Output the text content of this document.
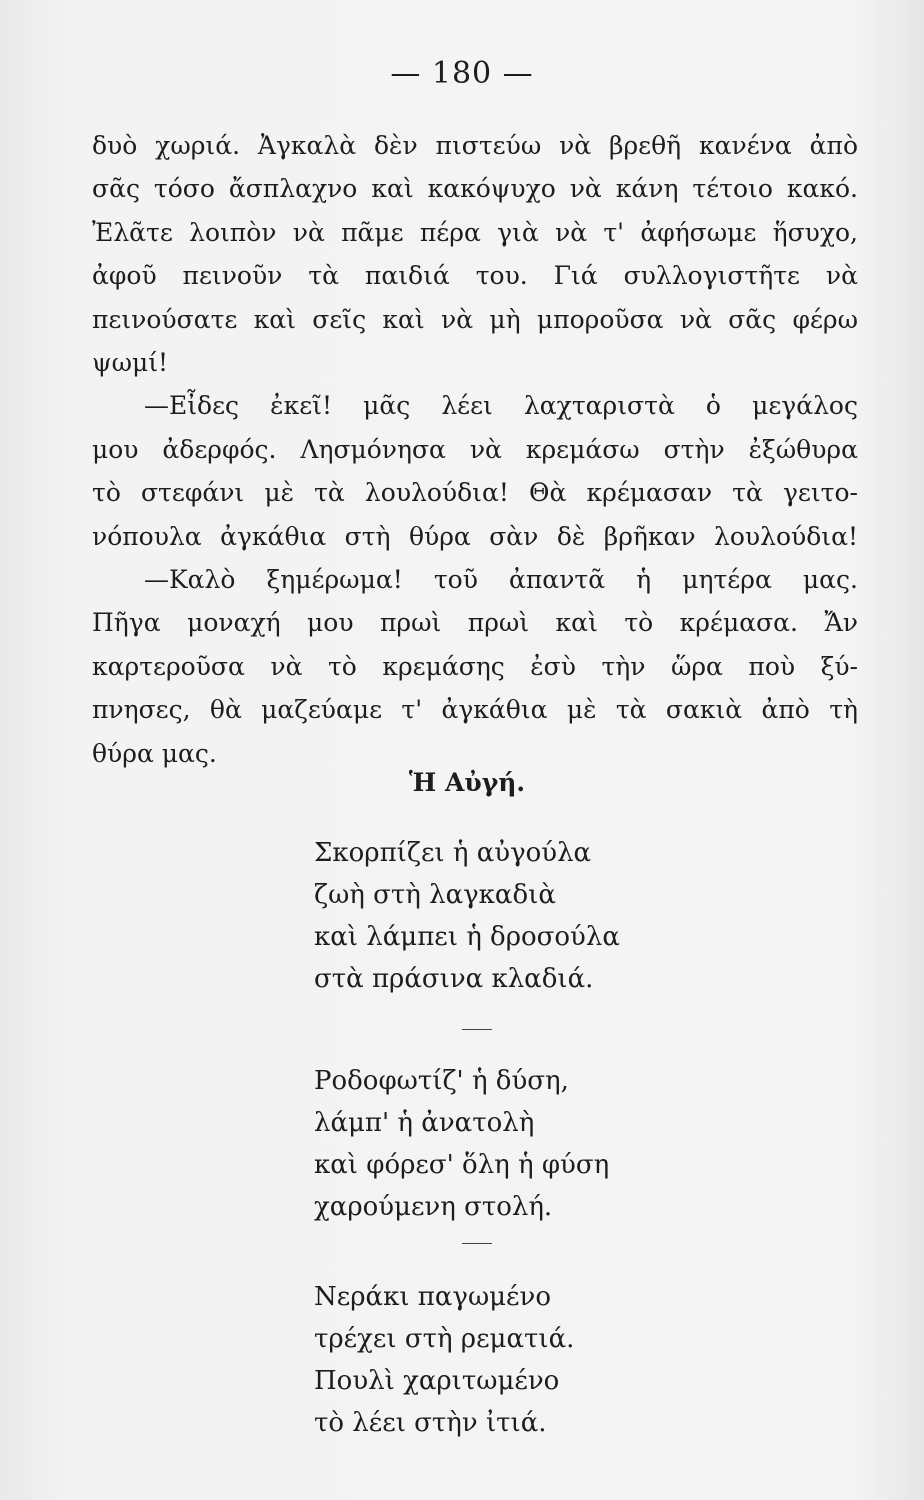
— 180 —

δυὸ χωριά. Ἀγκαλὰ δὲν πιστεύω νὰ βρεθῆ κανένα ἀπὸ

σᾶς τόσο ἄσπλαχνο καὶ κακόψυχο νὰ κάνη τέτοιο κακό.

Ἐλᾶτε λοιπὸν νὰ πᾶμε πέρα γιὰ νὰ τ' ἀφήσωμε ἥσυχο,

ἀφοῦ πεινοῦν τὰ παιδιά του. Γιά συλλογιστῆτε νὰ

πεινούσατε καὶ σεῖς καὶ νὰ μὴ μποροῦσα νὰ σᾶς φέρω

ψωμί!

—Εἶδες ἐκεῖ! μᾶς λέει λαχταριστὰ ὁ μεγάλος

μου ἀδερφός. Λησμόνησα νὰ κρεμάσω στὴν ἐξώθυρα

τὸ στεφάνι μὲ τὰ λουλούδια! Θὰ κρέμασαν τὰ γειτο-

νόπουλα ἀγκάθια στὴ θύρα σὰν δὲ βρῆκαν λουλούδια!

—Καλὸ ξημέρωμα! τοῦ ἀπαντᾶ ἡ μητέρα μας.

Πῆγα μοναχή μου πρωὶ πρωὶ καὶ τὸ κρέμασα. Ἄν

καρτεροῦσα νὰ τὸ κρεμάσης ἐσὺ τὴν ὥρα ποὺ ξύ-

πνησες, θὰ μαζεύαμε τ' ἀγκάθια μὲ τὰ σακιὰ ἀπὸ τὴ

θύρα μας.

Ἡ Αὐγή.
Σκορπίζει ἡ αὐγούλα
ζωὴ στὴ λαγκαδιὰ
καὶ λάμπει ἡ δροσούλα
στὰ πράσινα κλαδιά.
Ροδοφωτίζ' ἡ δύση,
λάμπ' ἡ ἀνατολὴ
καὶ φόρεσ' ὅλη ἡ φύση
χαρούμενη στολή.
Νεράκι παγωμένο
τρέχει στὴ ρεματιά.
Πουλὶ χαριτωμένο
τὸ λέει στὴν ἰτιά.
